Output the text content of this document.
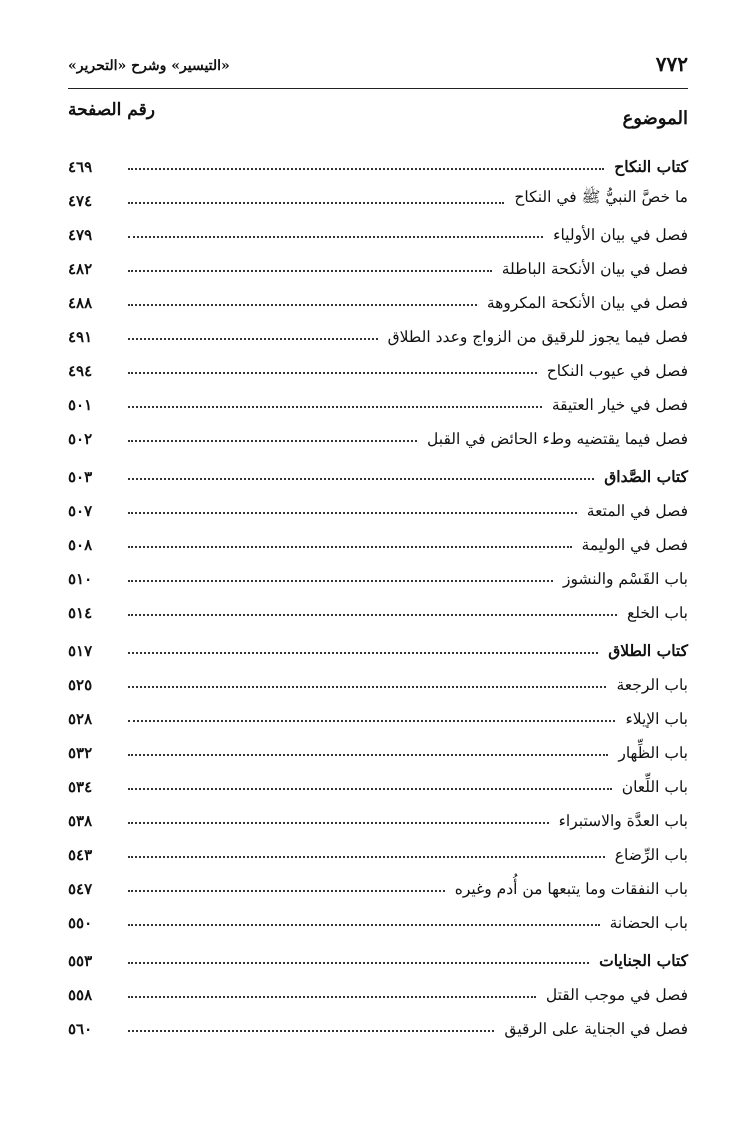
٧٧٢
«التيسير» وشرح «التحرير»
الموضوع
رقم الصفحة
كتاب النكاح
٤٦٩
ما خصَّ النبيُّ ﷺ في النكاح
٤٧٤
فصل في بيان الأولياء
٤٧٩
فصل في بيان الأنكحة الباطلة
٤٨٢
فصل في بيان الأنكحة المكروهة
٤٨٨
فصل فيما يجوز للرقيق من الزواج وعدد الطلاق
٤٩١
فصل في عيوب النكاح
٤٩٤
فصل في خيار العتيقة
٥٠١
فصل فيما يقتضيه وطء الحائض في القبل
٥٠٢
كتاب الصَّداق
٥٠٣
فصل في المتعة
٥٠٧
فصل في الوليمة
٥٠٨
باب القَسْم والنشوز
٥١٠
باب الخلع
٥١٤
كتاب الطلاق
٥١٧
باب الرجعة
٥٢٥
باب الإيلاء
٥٢٨
باب الظِّهار
٥٣٢
باب اللِّعان
٥٣٤
باب العدَّة والاستبراء
٥٣٨
باب الرِّضاع
٥٤٣
باب النفقات وما يتبعها من أُدم وغيره
٥٤٧
باب الحضانة
٥٥٠
كتاب الجنايات
٥٥٣
فصل في موجب القتل
٥٥٨
فصل في الجناية على الرقيق
٥٦٠
